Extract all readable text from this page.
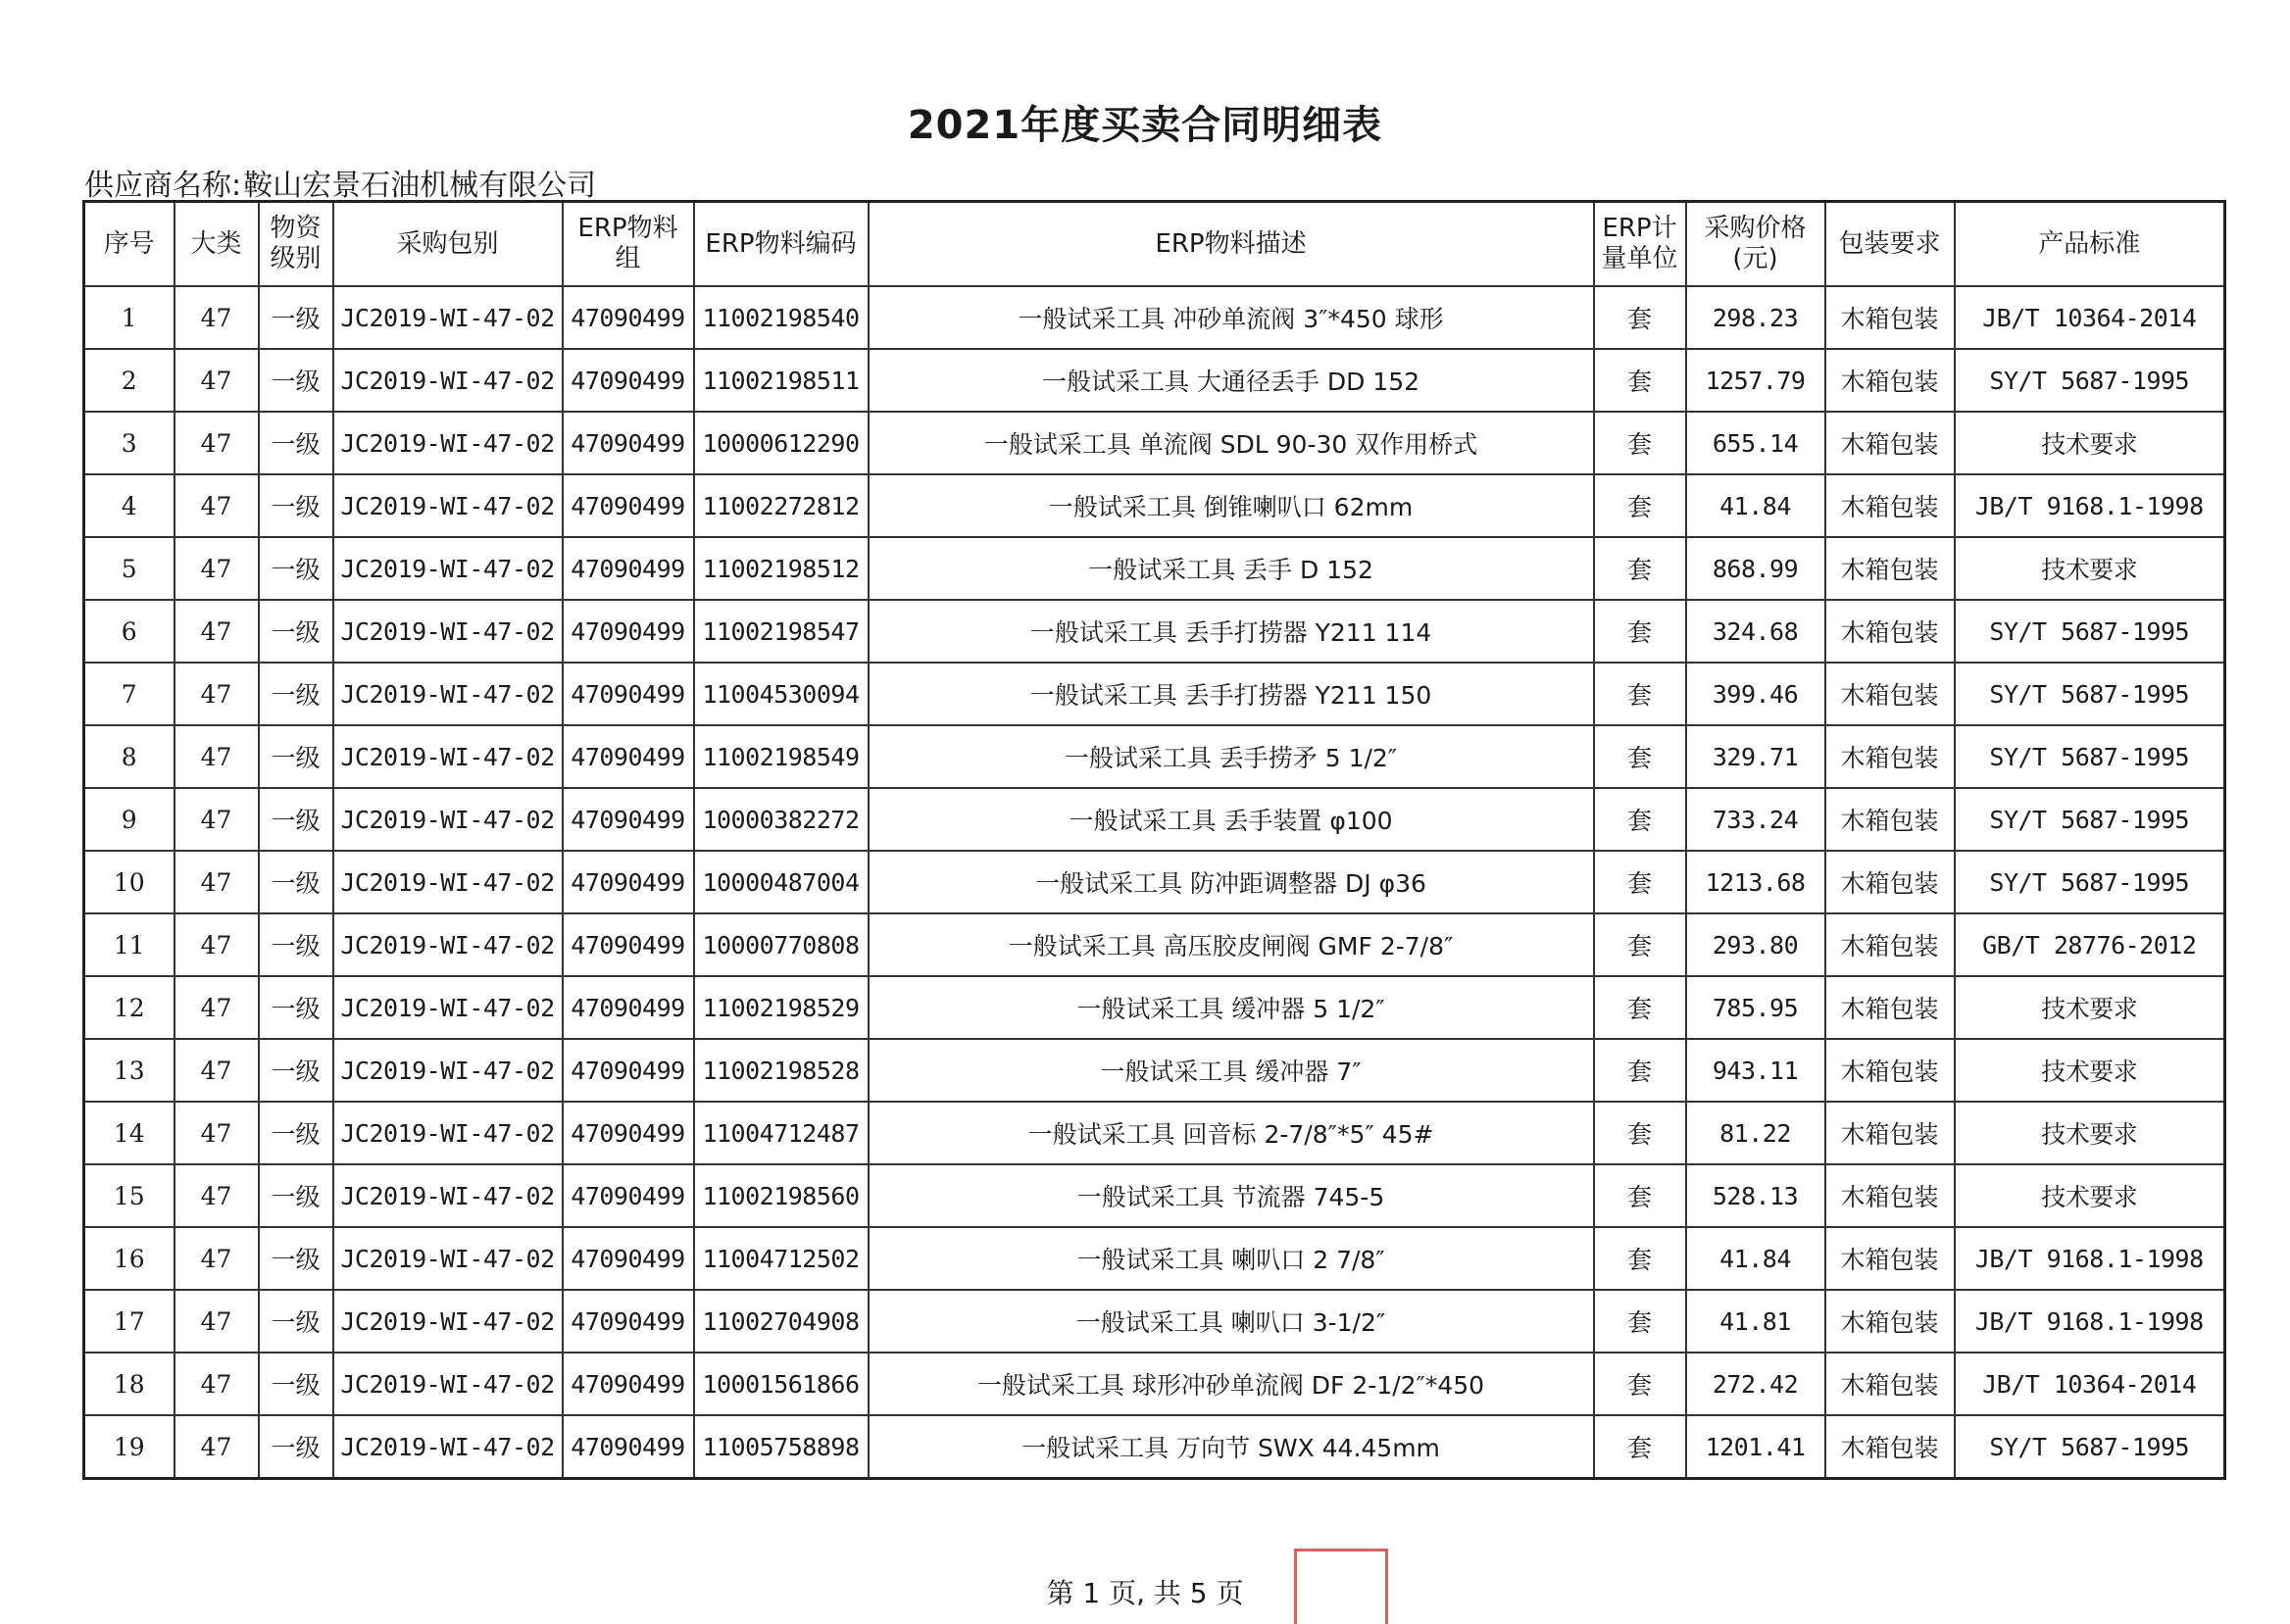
2021年度买卖合同明细表
供应商名称:鞍山宏景石油机械有限公司
序号	大类	物资级别	采购包别	ERP物料组	ERP物料编码	ERP物料描述	ERP计量单位	采购价格(元)	包装要求	产品标准
1	47	一级	JC2019-WI-47-02	47090499	11002198540	一般试采工具 冲砂单流阀 3″*450 球形	套	298.23	木箱包装	JB/T 10364-2014
2	47	一级	JC2019-WI-47-02	47090499	11002198511	一般试采工具 大通径丢手 DD 152	套	1257.79	木箱包装	SY/T 5687-1995
3	47	一级	JC2019-WI-47-02	47090499	10000612290	一般试采工具 单流阀 SDL 90-30 双作用桥式	套	655.14	木箱包装	技术要求
4	47	一级	JC2019-WI-47-02	47090499	11002272812	一般试采工具 倒锥喇叭口 62mm	套	41.84	木箱包装	JB/T 9168.1-1998
5	47	一级	JC2019-WI-47-02	47090499	11002198512	一般试采工具 丢手 D 152	套	868.99	木箱包装	技术要求
6	47	一级	JC2019-WI-47-02	47090499	11002198547	一般试采工具 丢手打捞器 Y211 114	套	324.68	木箱包装	SY/T 5687-1995
7	47	一级	JC2019-WI-47-02	47090499	11004530094	一般试采工具 丢手打捞器 Y211 150	套	399.46	木箱包装	SY/T 5687-1995
8	47	一级	JC2019-WI-47-02	47090499	11002198549	一般试采工具 丢手捞矛 5 1/2″	套	329.71	木箱包装	SY/T 5687-1995
9	47	一级	JC2019-WI-47-02	47090499	10000382272	一般试采工具 丢手装置 φ100	套	733.24	木箱包装	SY/T 5687-1995
10	47	一级	JC2019-WI-47-02	47090499	10000487004	一般试采工具 防冲距调整器 DJ φ36	套	1213.68	木箱包装	SY/T 5687-1995
11	47	一级	JC2019-WI-47-02	47090499	10000770808	一般试采工具 高压胶皮闸阀 GMF 2-7/8″	套	293.80	木箱包装	GB/T 28776-2012
12	47	一级	JC2019-WI-47-02	47090499	11002198529	一般试采工具 缓冲器 5 1/2″	套	785.95	木箱包装	技术要求
13	47	一级	JC2019-WI-47-02	47090499	11002198528	一般试采工具 缓冲器 7″	套	943.11	木箱包装	技术要求
14	47	一级	JC2019-WI-47-02	47090499	11004712487	一般试采工具 回音标 2-7/8″*5″ 45#	套	81.22	木箱包装	技术要求
15	47	一级	JC2019-WI-47-02	47090499	11002198560	一般试采工具 节流器 745-5	套	528.13	木箱包装	技术要求
16	47	一级	JC2019-WI-47-02	47090499	11004712502	一般试采工具 喇叭口 2 7/8″	套	41.84	木箱包装	JB/T 9168.1-1998
17	47	一级	JC2019-WI-47-02	47090499	11002704908	一般试采工具 喇叭口 3-1/2″	套	41.81	木箱包装	JB/T 9168.1-1998
18	47	一级	JC2019-WI-47-02	47090499	10001561866	一般试采工具 球形冲砂单流阀 DF 2-1/2″*450	套	272.42	木箱包装	JB/T 10364-2014
19	47	一级	JC2019-WI-47-02	47090499	11005758898	一般试采工具 万向节 SWX 44.45mm	套	1201.41	木箱包装	SY/T 5687-1995
第 1 页, 共 5 页
